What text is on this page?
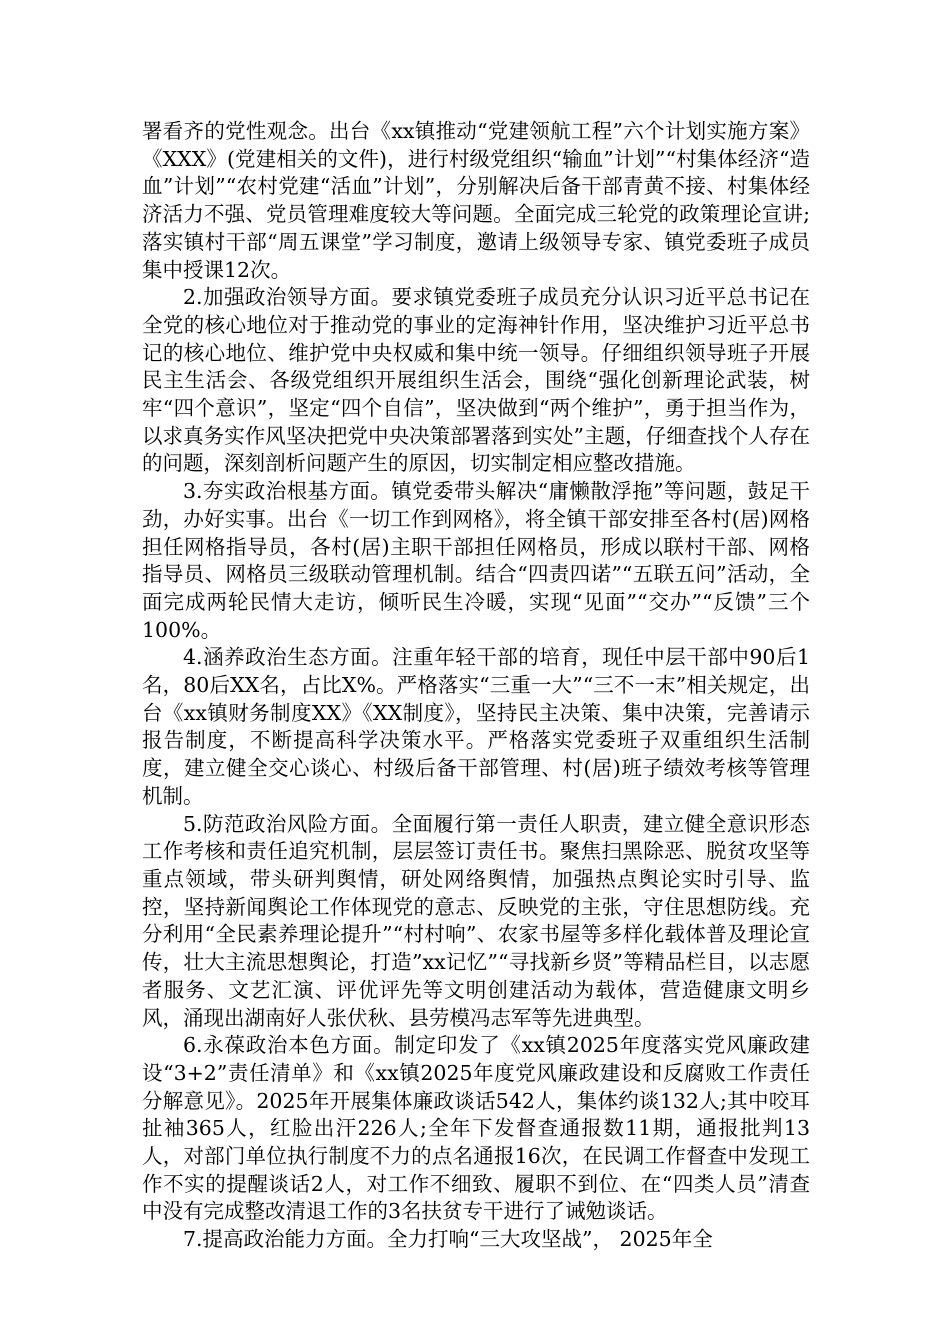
署看齐的党性观念。出台《xx镇推动“党建领航工程”六个计划实施方案》《XXX》(党建相关的文件)，进行村级党组织“输血”计划”“村集体经济“造血”计划”“农村党建“活血”计划”，分别解决后备干部青黄不接、村集体经济活力不强、党员管理难度较大等问题。全面完成三轮党的政策理论宣讲;落实镇村干部“周五课堂”学习制度，邀请上级领导专家、镇党委班子成员集中授课12次。

2.加强政治领导方面。要求镇党委班子成员充分认识习近平总书记在全党的核心地位对于推动党的事业的定海神针作用，坚决维护习近平总书记的核心地位、维护党中央权威和集中统一领导。仔细组织领导班子开展民主生活会、各级党组织开展组织生活会，围绕“强化创新理论武装，树牢“四个意识”，坚定“四个自信”，坚决做到“两个维护”，勇于担当作为，以求真务实作风坚决把党中央决策部署落到实处”主题，仔细查找个人存在的问题，深刻剖析问题产生的原因，切实制定相应整改措施。

3.夯实政治根基方面。镇党委带头解决“庸懒散浮拖”等问题，鼓足干劲，办好实事。出台《一切工作到网格》，将全镇干部安排至各村(居)网格担任网格指导员，各村(居)主职干部担任网格员，形成以联村干部、网格指导员、网格员三级联动管理机制。结合“四责四诺”“五联五问”活动，全面完成两轮民情大走访，倾听民生冷暖，实现“见面”“交办”“反馈”三个100%。

4.涵养政治生态方面。注重年轻干部的培育，现任中层干部中90后1名，80后XX名，占比X%。严格落实“三重一大”“三不一末”相关规定，出台《xx镇财务制度XX》《XX制度》，坚持民主决策、集中决策，完善请示报告制度，不断提高科学决策水平。严格落实党委班子双重组织生活制度，建立健全交心谈心、村级后备干部管理、村(居)班子绩效考核等管理机制。

5.防范政治风险方面。全面履行第一责任人职责，建立健全意识形态工作考核和责任追究机制，层层签订责任书。聚焦扫黑除恶、脱贫攻坚等重点领域，带头研判舆情，研处网络舆情，加强热点舆论实时引导、监控，坚持新闻舆论工作体现党的意志、反映党的主张，守住思想防线。充分利用“全民素养理论提升”“村村响”、农家书屋等多样化载体普及理论宣传，壮大主流思想舆论，打造”xx记忆”“寻找新乡贤”等精品栏目，以志愿者服务、文艺汇演、评优评先等文明创建活动为载体，营造健康文明乡风，涌现出湖南好人张伏秋、县劳模冯志军等先进典型。

6.永葆政治本色方面。制定印发了《xx镇2025年度落实党风廉政建设“3+2”责任清单》和《xx镇2025年度党风廉政建设和反腐败工作责任分解意见》。2025年开展集体廉政谈话542人，集体约谈132人;其中咬耳扯袖365人，红脸出汗226人;全年下发督查通报数11期，通报批判13人，对部门单位执行制度不力的点名通报16次，在民调工作督查中发现工作不实的提醒谈话2人，对工作不细致、履职不到位、在“四类人员”清查中没有完成整改清退工作的3名扶贫专干进行了诫勉谈话。

7.提高政治能力方面。全力打响“三大攻坚战”， 2025年全
